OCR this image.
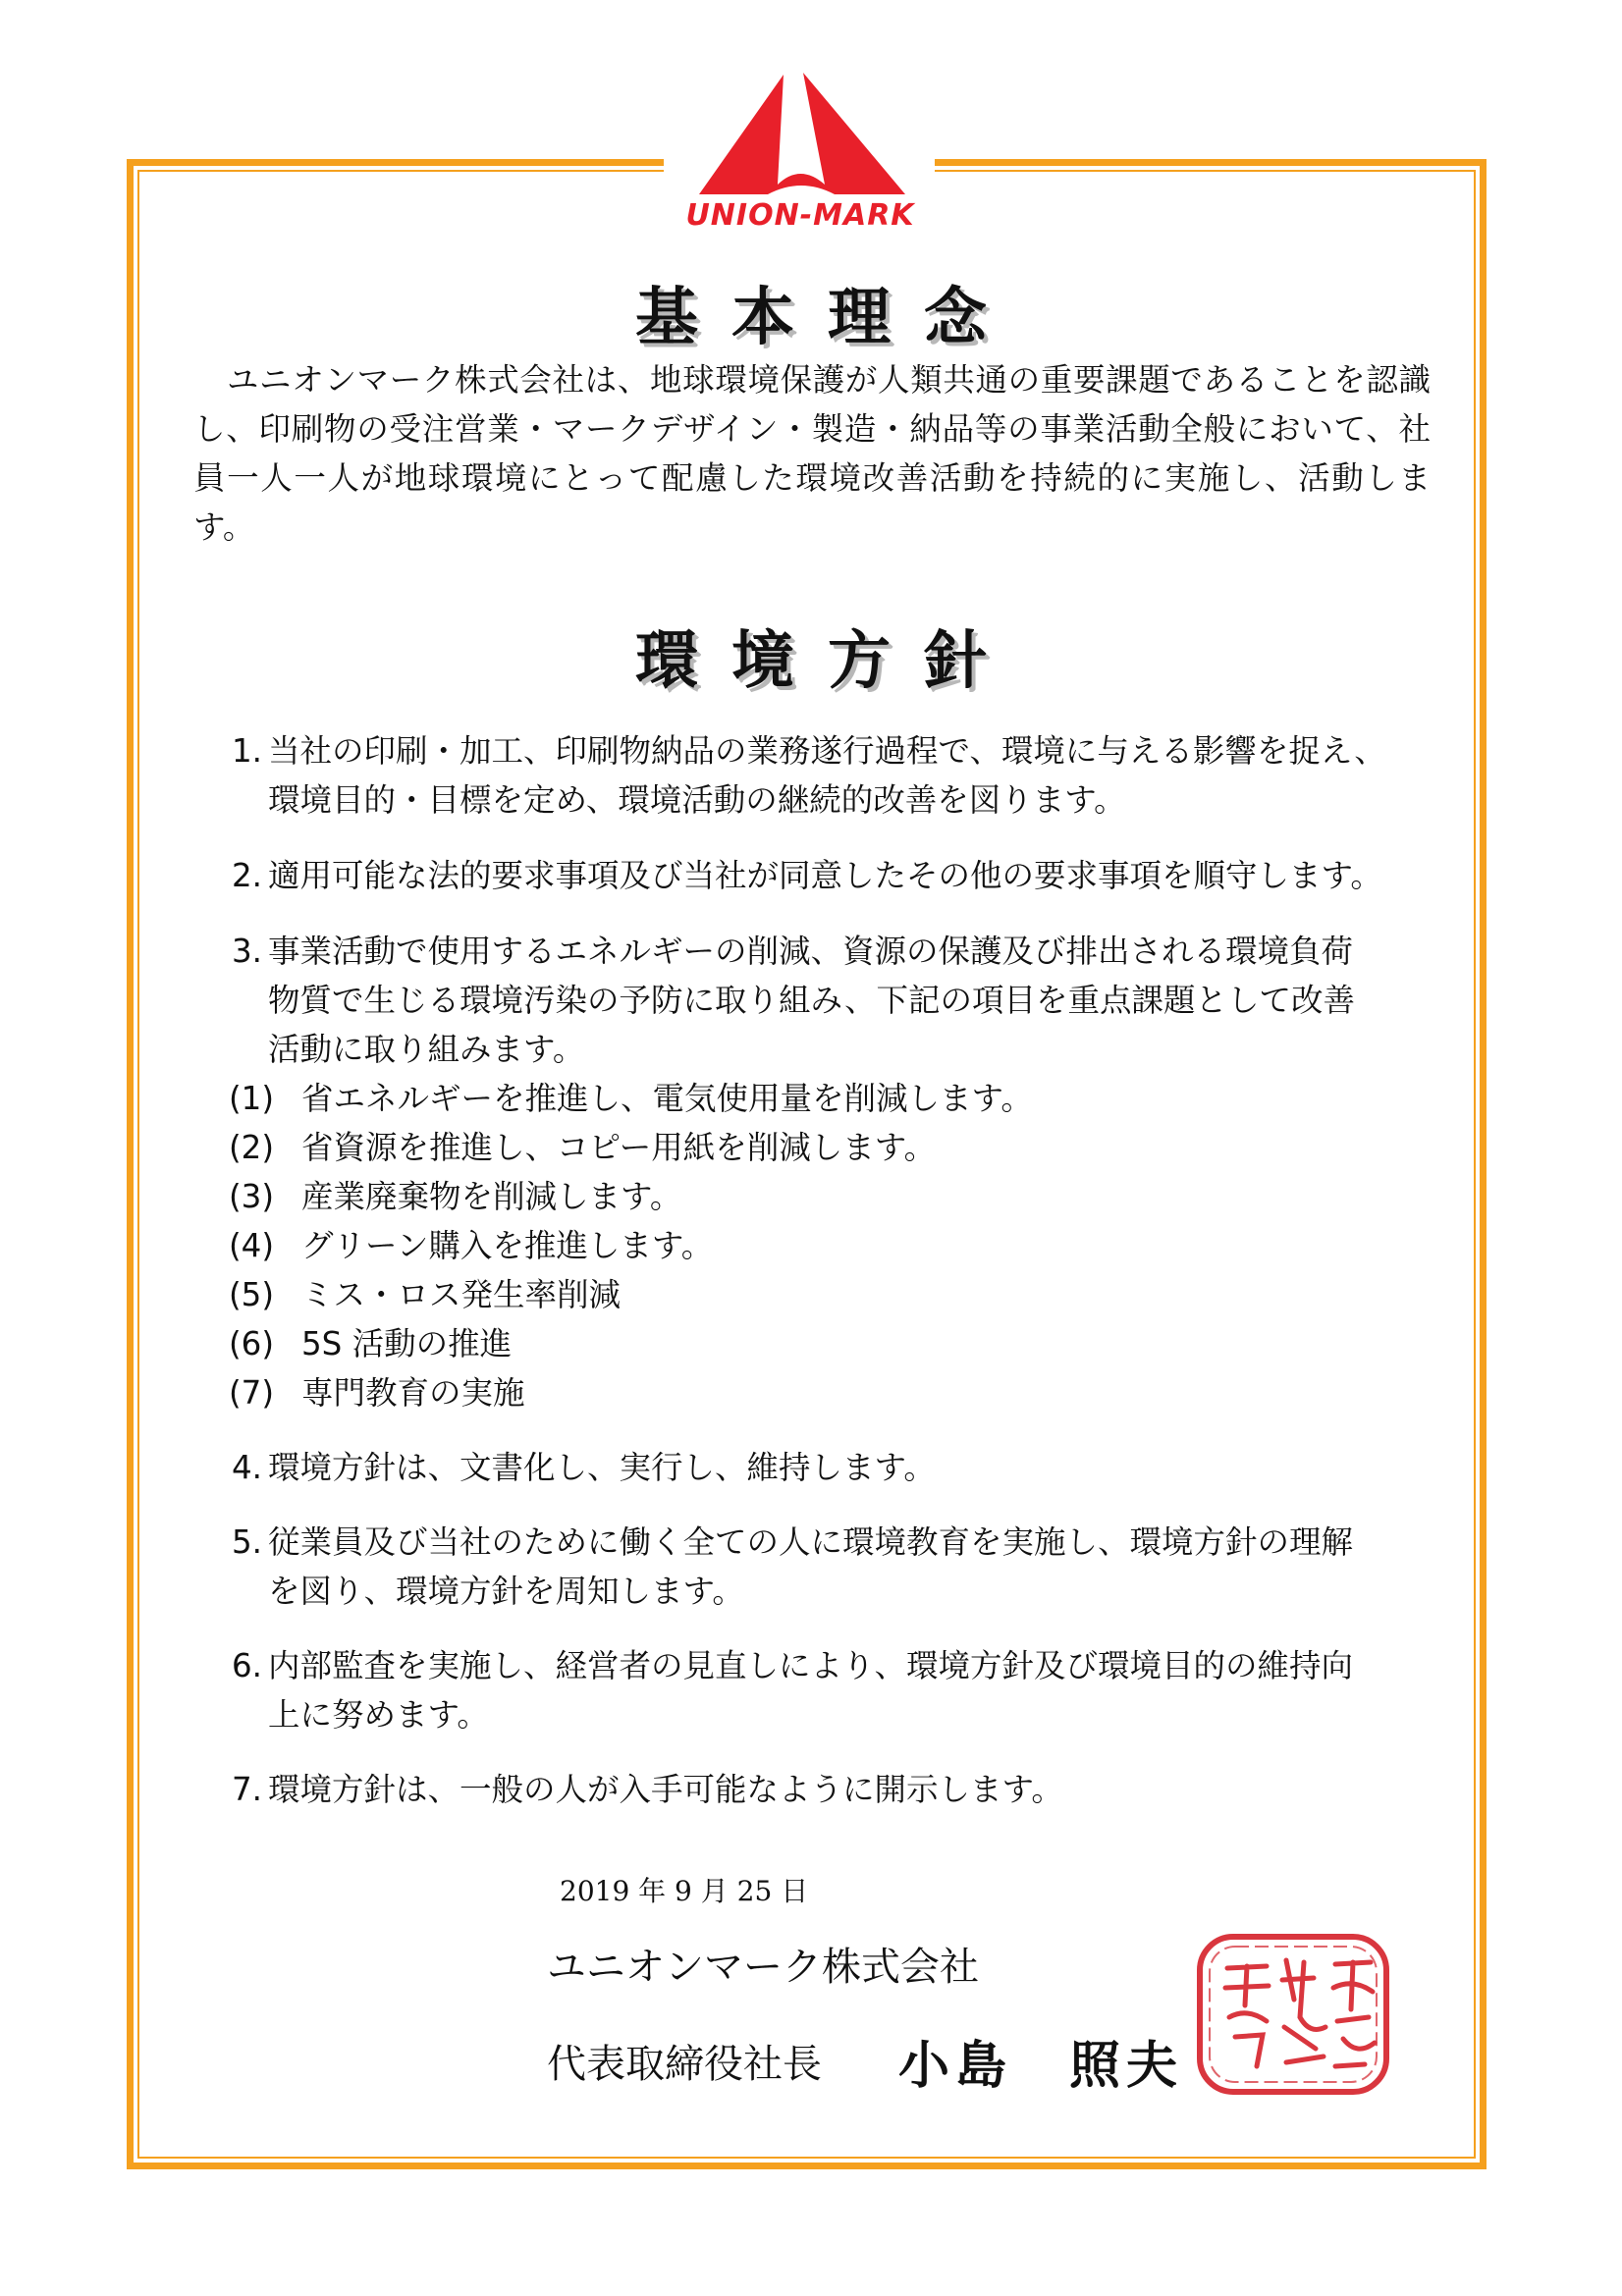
UNION-MARK
基本理念
ユニオンマーク株式会社は、地球環境保護が人類共通の重要課題であることを認識し、印刷物の受注営業・マークデザイン・製造・納品等の事業活動全般において、社員一人一人が地球環境にとって配慮した環境改善活動を持続的に実施し、活動します。
環境方針
1. 当社の印刷・加工、印刷物納品の業務遂行過程で、環境に与える影響を捉え、
環境目的・目標を定め、環境活動の継続的改善を図ります。
2. 適用可能な法的要求事項及び当社が同意したその他の要求事項を順守します。
3. 事業活動で使用するエネルギーの削減、資源の保護及び排出される環境負荷
物質で生じる環境汚染の予防に取り組み、下記の項目を重点課題として改善
活動に取り組みます。
(1) 省エネルギーを推進し、電気使用量を削減します。
(2) 省資源を推進し、コピー用紙を削減します。
(3) 産業廃棄物を削減します。
(4) グリーン購入を推進します。
(5) ミス・ロス発生率削減
(6) 5S 活動の推進
(7) 専門教育の実施
4. 環境方針は、文書化し、実行し、維持します。
5. 従業員及び当社のために働く全ての人に環境教育を実施し、環境方針の理解
を図り、環境方針を周知します。
6. 内部監査を実施し、経営者の見直しにより、環境方針及び環境目的の維持向
上に努めます。
7. 環境方針は、一般の人が入手可能なように開示します。
2019 年 9 月 25 日
ユニオンマーク株式会社
代表取締役社長 小島　照夫
